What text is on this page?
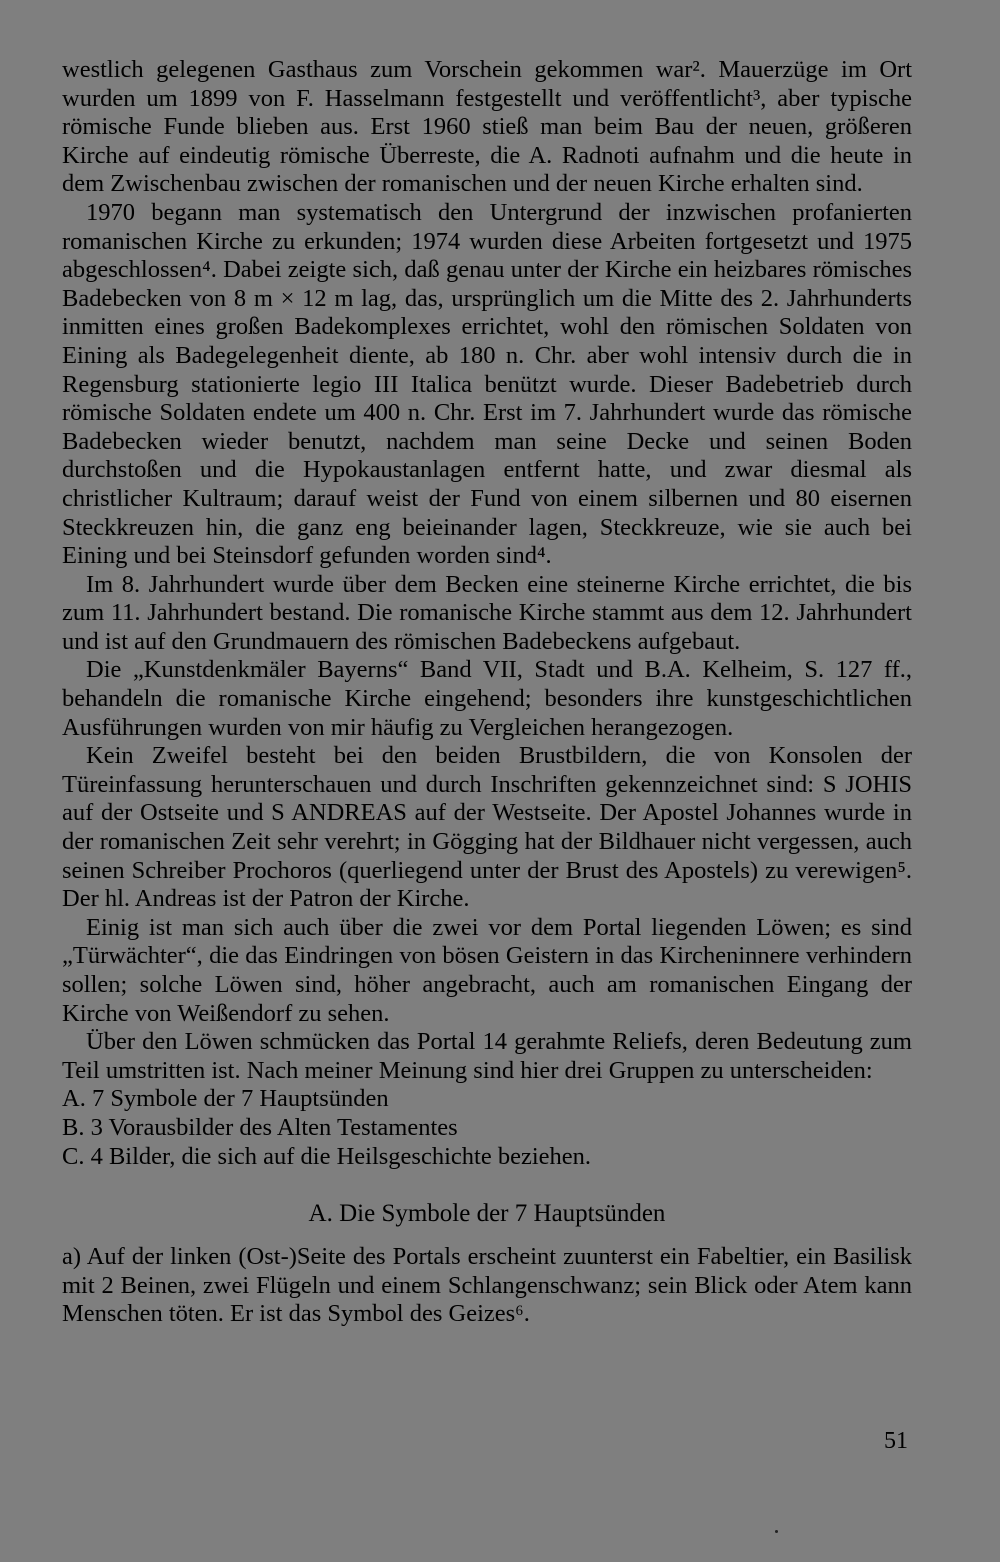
westlich gelegenen Gasthaus zum Vorschein gekommen war². Mauerzüge im Ort wurden um 1899 von F. Hasselmann festgestellt und veröffentlicht³, aber typische römische Funde blieben aus. Erst 1960 stieß man beim Bau der neuen, größeren Kirche auf eindeutig römische Überreste, die A. Radnoti aufnahm und die heute in dem Zwischenbau zwischen der romanischen und der neuen Kirche erhalten sind.

1970 begann man systematisch den Untergrund der inzwischen profanierten romanischen Kirche zu erkunden; 1974 wurden diese Arbeiten fortgesetzt und 1975 abgeschlossen⁴. Dabei zeigte sich, daß genau unter der Kirche ein heizbares römisches Badebecken von 8 m × 12 m lag, das, ursprünglich um die Mitte des 2. Jahrhunderts inmitten eines großen Badekomplexes errichtet, wohl den römischen Soldaten von Eining als Badegelegenheit diente, ab 180 n. Chr. aber wohl intensiv durch die in Regensburg stationierte legio III Italica benützt wurde. Dieser Badebetrieb durch römische Soldaten endete um 400 n. Chr. Erst im 7. Jahrhundert wurde das römische Badebecken wieder benutzt, nachdem man seine Decke und seinen Boden durchstoßen und die Hypokaustanlagen entfernt hatte, und zwar diesmal als christlicher Kultraum; darauf weist der Fund von einem silbernen und 80 eisernen Steckkreuzen hin, die ganz eng beieinander lagen, Steckkreuze, wie sie auch bei Eining und bei Steinsdorf gefunden worden sind⁴.

Im 8. Jahrhundert wurde über dem Becken eine steinerne Kirche errichtet, die bis zum 11. Jahrhundert bestand. Die romanische Kirche stammt aus dem 12. Jahrhundert und ist auf den Grundmauern des römischen Badebeckens aufgebaut.

Die „Kunstdenkmäler Bayerns“ Band VII, Stadt und B.A. Kelheim, S. 127 ff., behandeln die romanische Kirche eingehend; besonders ihre kunstgeschichtlichen Ausführungen wurden von mir häufig zu Vergleichen herangezogen.

Kein Zweifel besteht bei den beiden Brustbildern, die von Konsolen der Türeinfassung herunterschauen und durch Inschriften gekennzeichnet sind: S JOHIS auf der Ostseite und S ANDREAS auf der Westseite. Der Apostel Johannes wurde in der romanischen Zeit sehr verehrt; in Gögging hat der Bildhauer nicht vergessen, auch seinen Schreiber Prochoros (querliegend unter der Brust des Apostels) zu verewigen⁵. Der hl. Andreas ist der Patron der Kirche.

Einig ist man sich auch über die zwei vor dem Portal liegenden Löwen; es sind „Türwächter“, die das Eindringen von bösen Geistern in das Kircheninnere verhindern sollen; solche Löwen sind, höher angebracht, auch am romanischen Eingang der Kirche von Weißendorf zu sehen.

Über den Löwen schmücken das Portal 14 gerahmte Reliefs, deren Bedeutung zum Teil umstritten ist. Nach meiner Meinung sind hier drei Gruppen zu unterscheiden:

A. 7 Symbole der 7 Hauptsünden
B. 3 Vorausbilder des Alten Testamentes
C. 4 Bilder, die sich auf die Heilsgeschichte beziehen.
A. Die Symbole der 7 Hauptsünden

a) Auf der linken (Ost-)Seite des Portals erscheint zuunterst ein Fabeltier, ein Basilisk mit 2 Beinen, zwei Flügeln und einem Schlangenschwanz; sein Blick oder Atem kann Menschen töten. Er ist das Symbol des Geizes⁶.

51
